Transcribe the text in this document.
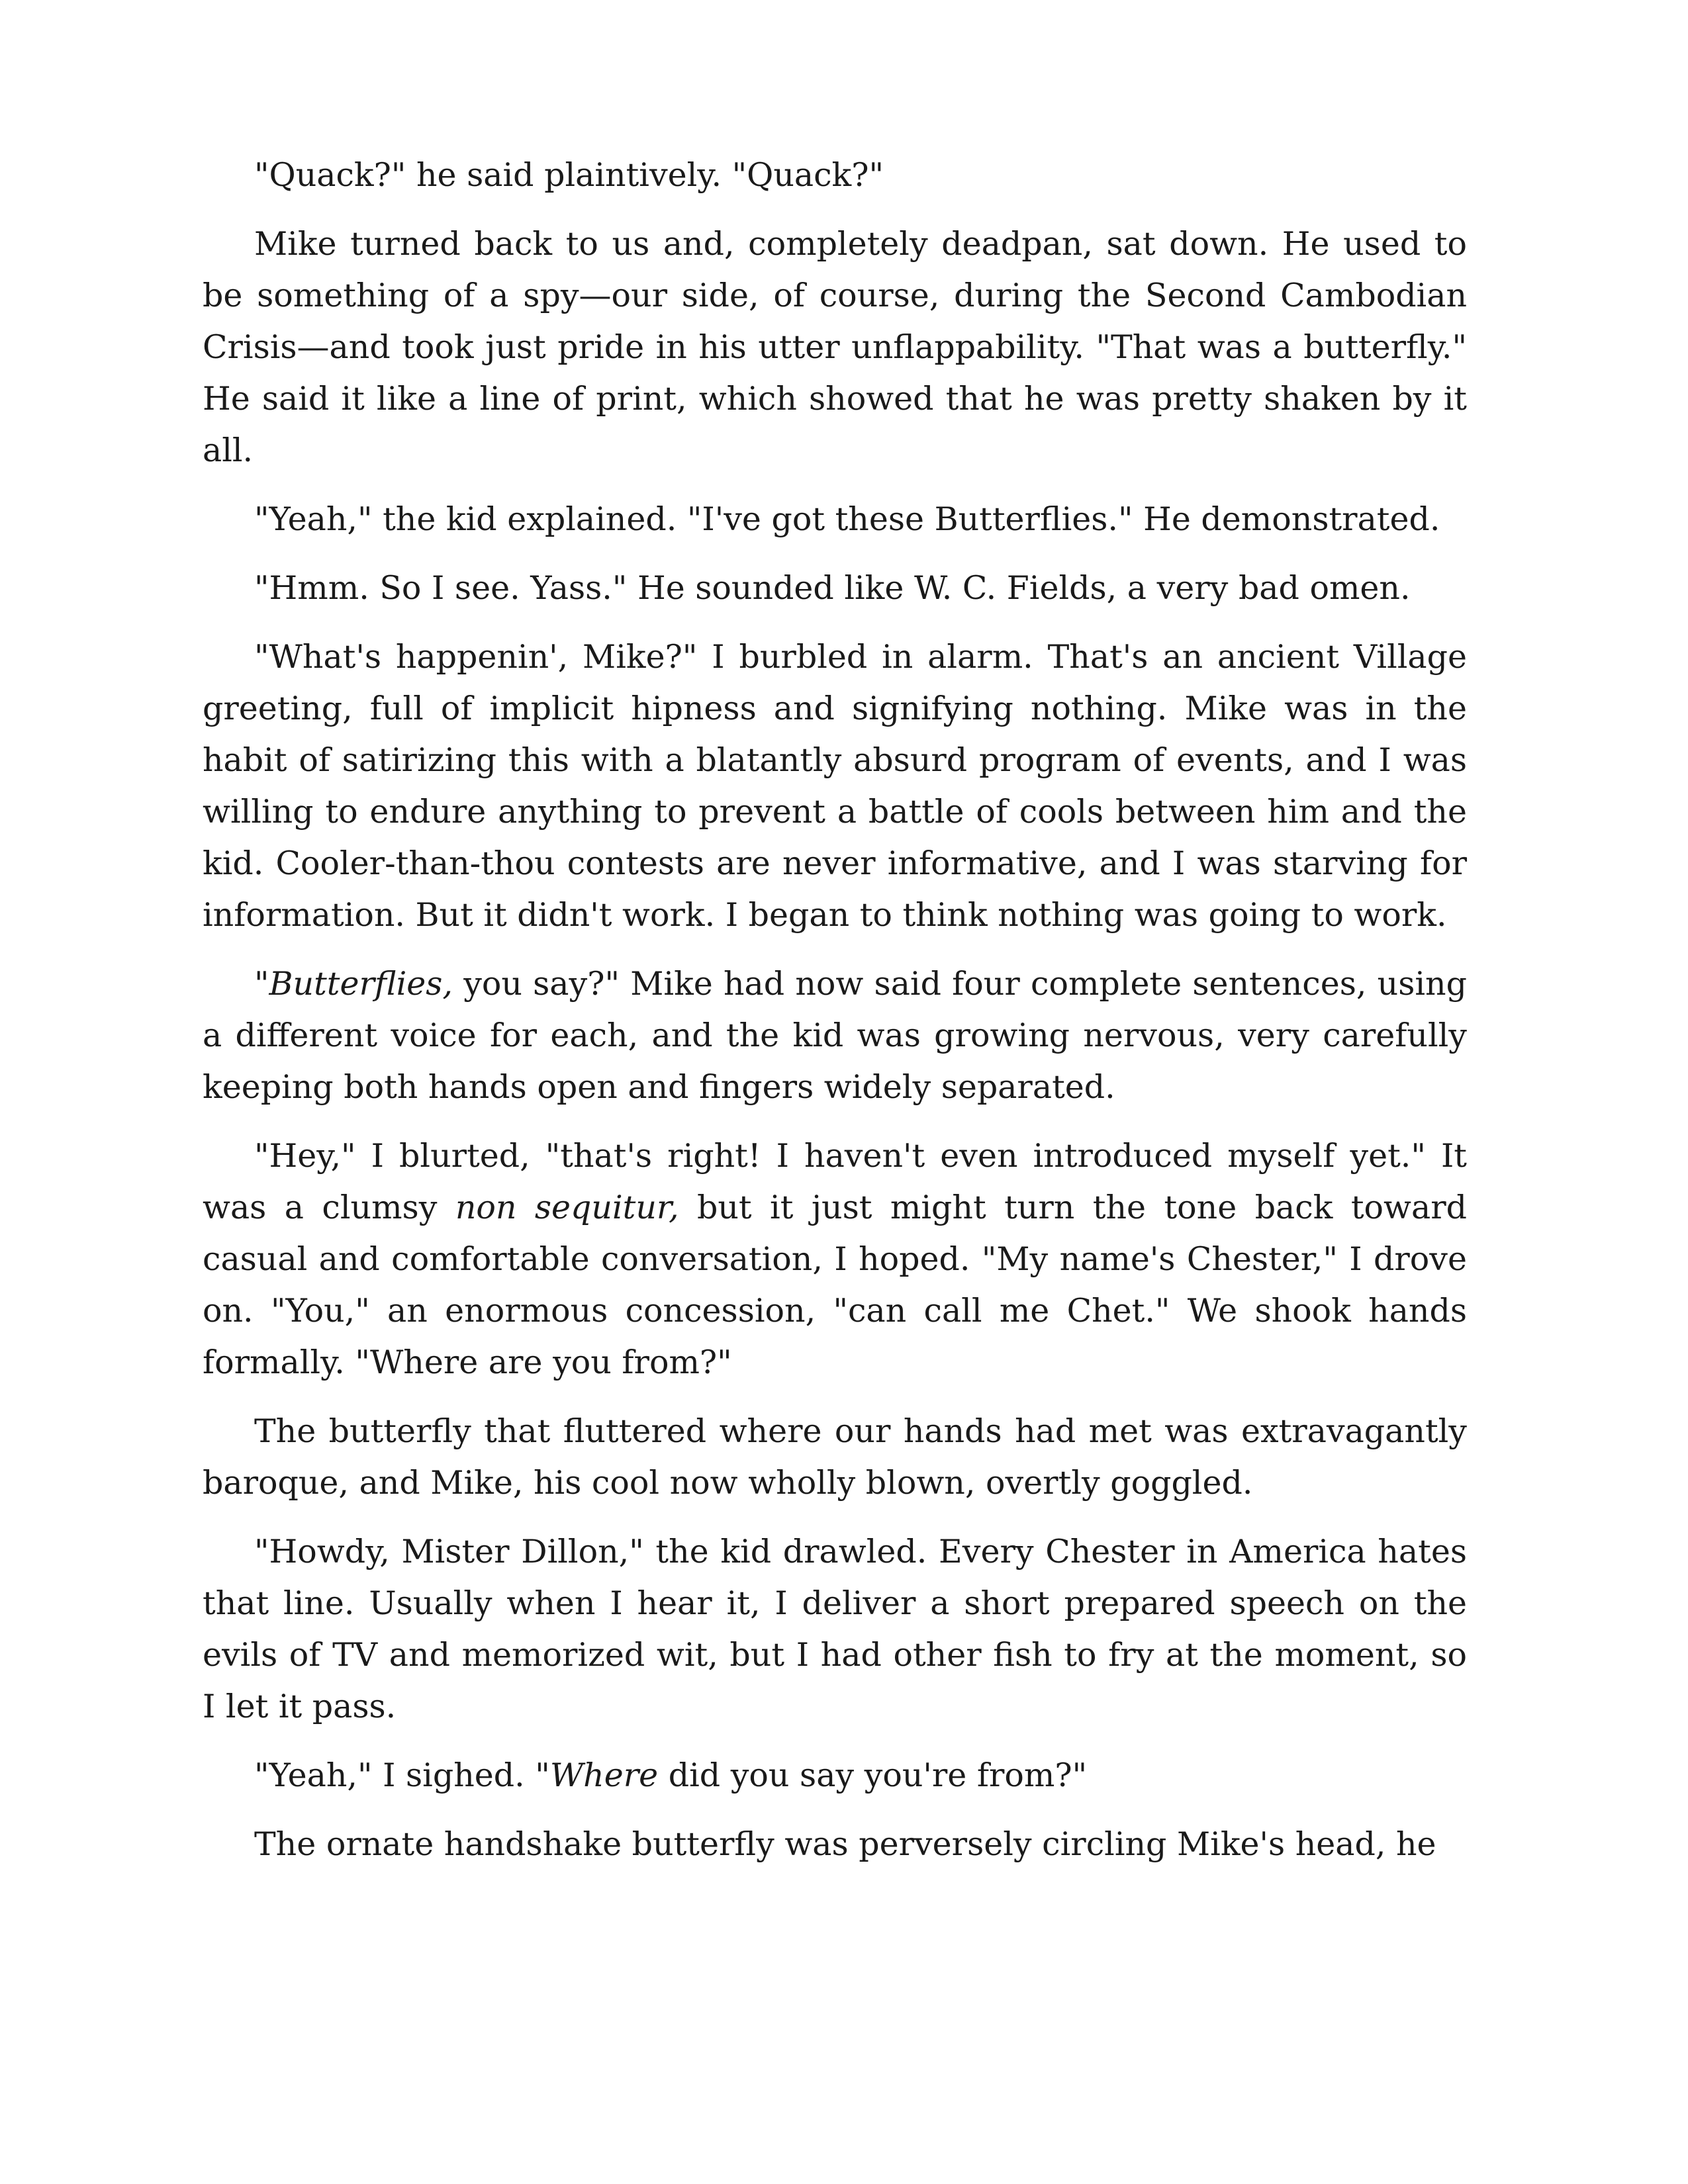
"Quack?" he said plaintively. "Quack?"

Mike turned back to us and, completely deadpan, sat down. He used to be something of a spy—our side, of course, during the Second Cambodian Crisis—and took just pride in his utter unflappability. "That was a butterfly." He said it like a line of print, which showed that he was pretty shaken by it all.

"Yeah," the kid explained. "I've got these Butterflies." He demonstrated.

"Hmm. So I see. Yass." He sounded like W. C. Fields, a very bad omen.

"What's happenin', Mike?" I burbled in alarm. That's an ancient Village greeting, full of implicit hipness and signifying nothing. Mike was in the habit of satirizing this with a blatantly absurd program of events, and I was willing to endure anything to prevent a battle of cools between him and the kid. Cooler-than-thou contests are never informative, and I was starving for information. But it didn't work. I began to think nothing was going to work.

"Butterflies, you say?" Mike had now said four complete sentences, using a different voice for each, and the kid was growing nervous, very carefully keeping both hands open and fingers widely separated.

"Hey," I blurted, "that's right! I haven't even introduced myself yet." It was a clumsy non sequitur, but it just might turn the tone back toward casual and comfortable conversation, I hoped. "My name's Chester," I drove on. "You," an enormous concession, "can call me Chet." We shook hands formally. "Where are you from?"

The butterfly that fluttered where our hands had met was extravagantly baroque, and Mike, his cool now wholly blown, overtly goggled.

"Howdy, Mister Dillon," the kid drawled. Every Chester in America hates that line. Usually when I hear it, I deliver a short prepared speech on the evils of TV and memorized wit, but I had other fish to fry at the moment, so I let it pass.

"Yeah," I sighed. "Where did you say you're from?"

The ornate handshake butterfly was perversely circling Mike's head, he
